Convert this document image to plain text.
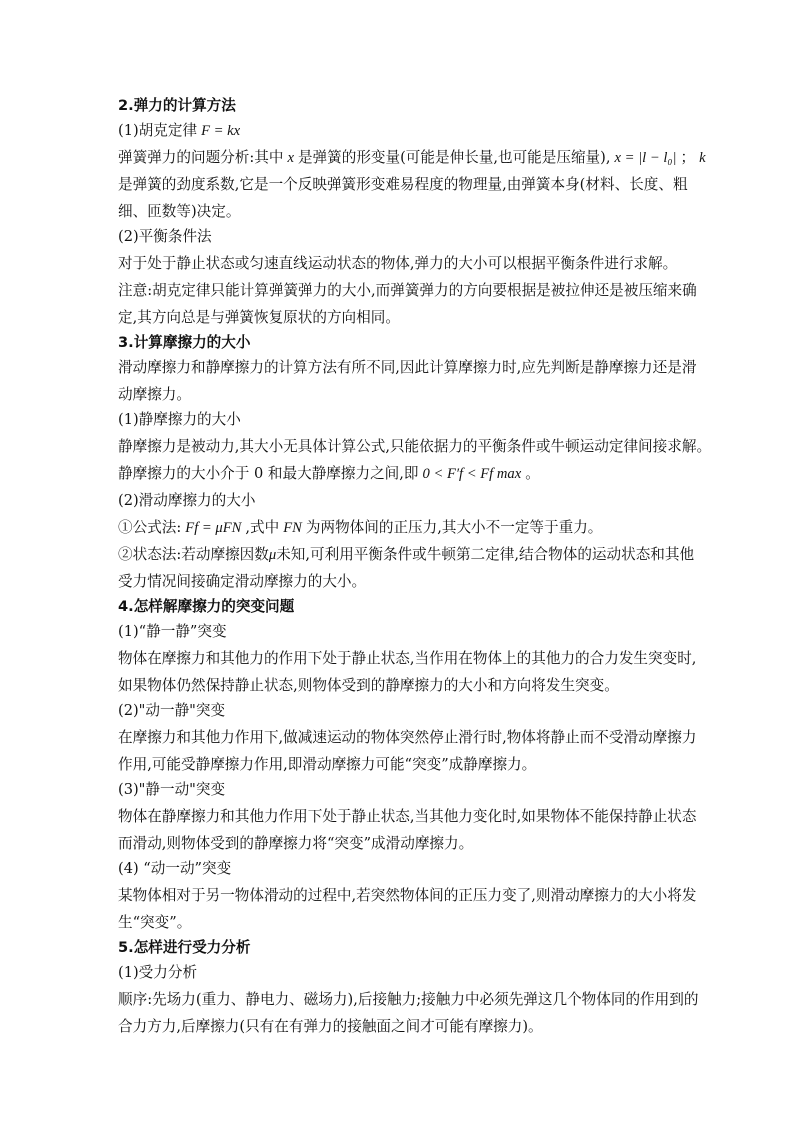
2.弹力的计算方法

(1)胡克定律 F = kx

弹簧弹力的问题分析:其中 x 是弹簧的形变量(可能是伸长量,也可能是压缩量), x = |l − l₀| ； k

是弹簧的劲度系数,它是一个反映弹簧形变难易程度的物理量,由弹簧本身(材料、长度、粗

细、匝数等)决定。

(2)平衡条件法

对于处于静止状态或匀速直线运动状态的物体,弹力的大小可以根据平衡条件进行求解。

注意:胡克定律只能计算弹簧弹力的大小,而弹簧弹力的方向要根据是被拉伸还是被压缩来确

定,其方向总是与弹簧恢复原状的方向相同。

3.计算摩擦力的大小

滑动摩擦力和静摩擦力的计算方法有所不同,因此计算摩擦力时,应先判断是静摩擦力还是滑

动摩擦力。

(1)静摩擦力的大小

静摩擦力是被动力,其大小无具体计算公式,只能依据力的平衡条件或牛顿运动定律间接求解。

静摩擦力的大小介于 0 和最大静摩擦力之间,即 0 < F′f < Ff max 。

(2)滑动摩擦力的大小

①公式法: Ff = μFN ,式中 FN 为两物体间的正压力,其大小不一定等于重力。

②状态法:若动摩擦因数μ未知,可利用平衡条件或牛顿第二定律,结合物体的运动状态和其他

受力情况间接确定滑动摩擦力的大小。

4.怎样解摩擦力的突变问题

(1)“静一静”突变

物体在摩擦力和其他力的作用下处于静止状态,当作用在物体上的其他力的合力发生突变时,

如果物体仍然保持静止状态,则物体受到的静摩擦力的大小和方向将发生突变。

(2)"动一静"突变

在摩擦力和其他力作用下,做减速运动的物体突然停止滑行时,物体将静止而不受滑动摩擦力

作用,可能受静摩擦力作用,即滑动摩擦力可能“突变”成静摩擦力。

(3)"静一动"突变

物体在静摩擦力和其他力作用下处于静止状态,当其他力变化时,如果物体不能保持静止状态

而滑动,则物体受到的静摩擦力将“突变”成滑动摩擦力。

(4) “动一动”突变

某物体相对于另一物体滑动的过程中,若突然物体间的正压力变了,则滑动摩擦力的大小将发

生“突变”。

5.怎样进行受力分析

(1)受力分析

顺序:先场力(重力、静电力、磁场力),后接触力;接触力中必须先弹这几个物体同的作用到的

合力方力,后摩擦力(只有在有弹力的接触面之间才可能有摩擦力)。
